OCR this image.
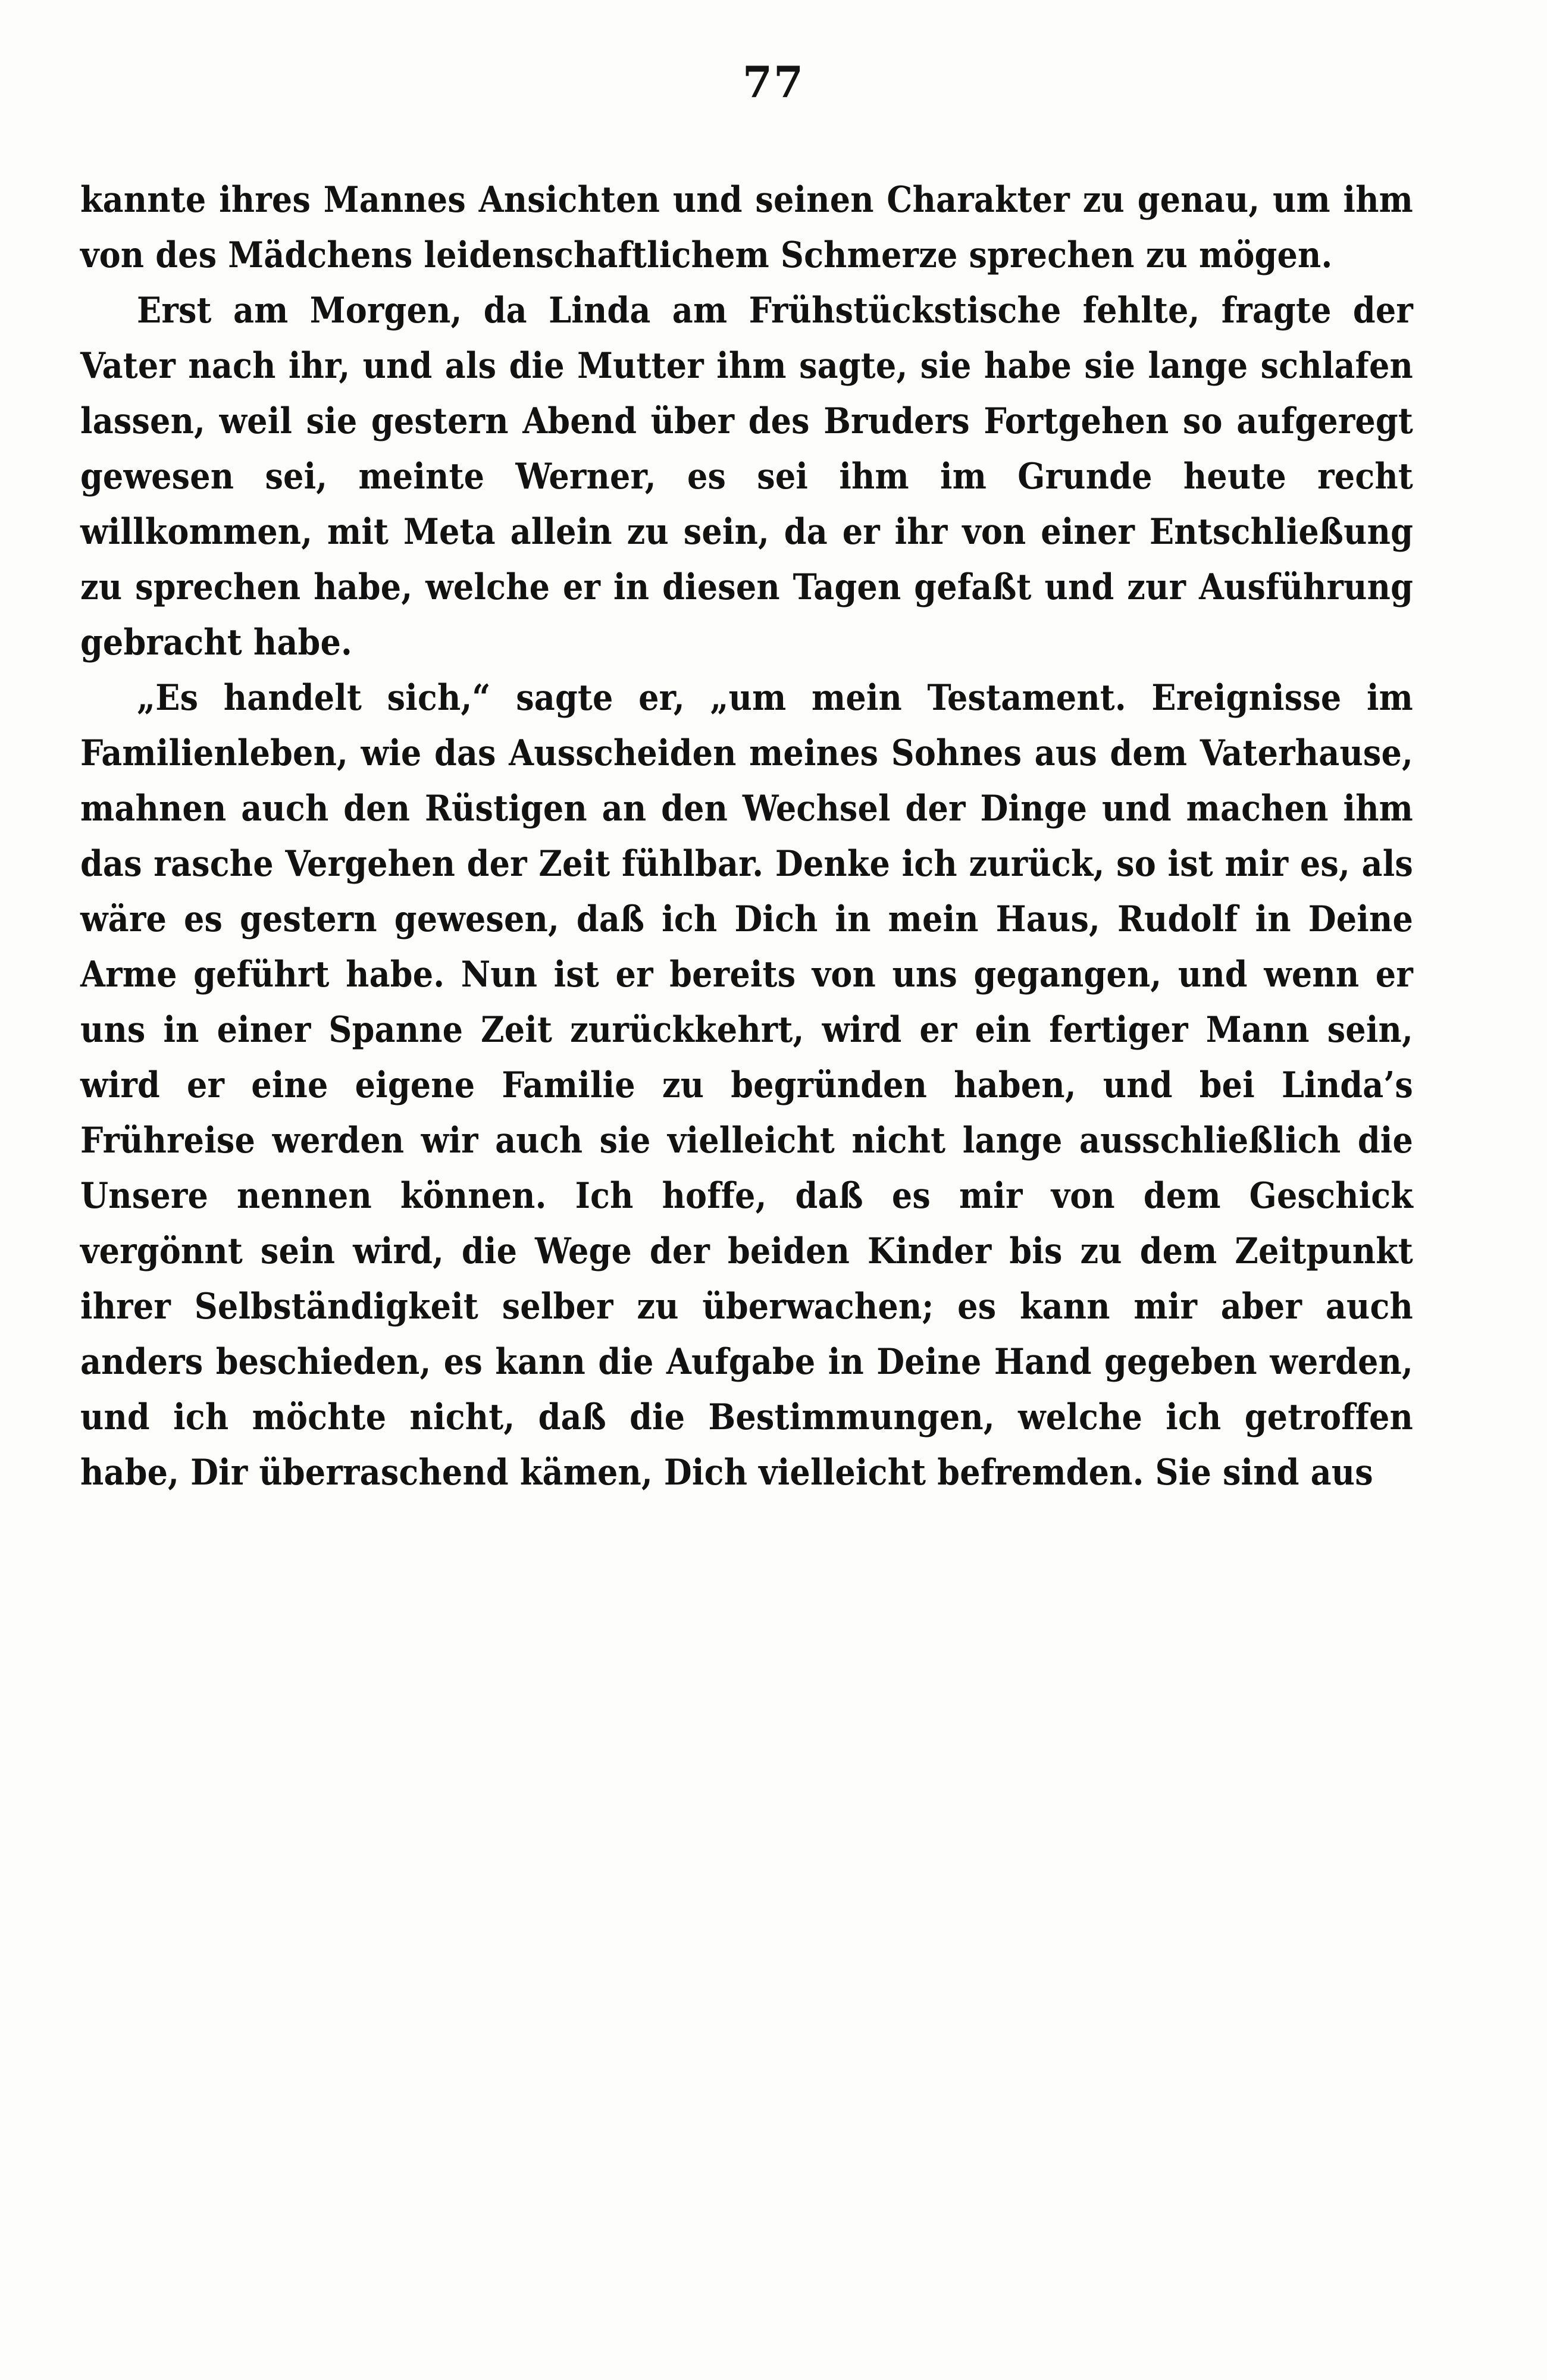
77

kannte ihres Mannes Ansichten und seinen Charakter zu genau, um ihm von des Mädchens leidenschaftlichem Schmerze sprechen zu mögen.

Erst am Morgen, da Linda am Frühstückstische fehlte, fragte der Vater nach ihr, und als die Mutter ihm sagte, sie habe sie lange schlafen lassen, weil sie gestern Abend über des Bruders Fortgehen so aufgeregt gewesen sei, meinte Werner, es sei ihm im Grunde heute recht willkommen, mit Meta allein zu sein, da er ihr von einer Entschließung zu sprechen habe, welche er in diesen Tagen gefaßt und zur Ausführung gebracht habe.

„Es handelt sich,“ sagte er, „um mein Testament. Ereignisse im Familienleben, wie das Ausscheiden meines Sohnes aus dem Vaterhause, mahnen auch den Rüstigen an den Wechsel der Dinge und machen ihm das rasche Vergehen der Zeit fühlbar. Denke ich zurück, so ist mir es, als wäre es gestern gewesen, daß ich Dich in mein Haus, Rudolf in Deine Arme geführt habe. Nun ist er bereits von uns gegangen, und wenn er uns in einer Spanne Zeit zurückkehrt, wird er ein fertiger Mann sein, wird er eine eigene Familie zu begründen haben, und bei Linda’s Frühreise werden wir auch sie vielleicht nicht lange ausschließlich die Unsere nennen können. Ich hoffe, daß es mir von dem Geschick vergönnt sein wird, die Wege der beiden Kinder bis zu dem Zeitpunkt ihrer Selbständigkeit selber zu überwachen; es kann mir aber auch anders beschieden, es kann die Aufgabe in Deine Hand gegeben werden, und ich möchte nicht, daß die Bestimmungen, welche ich getroffen habe, Dir überraschend kämen, Dich vielleicht befremden. Sie sind aus
